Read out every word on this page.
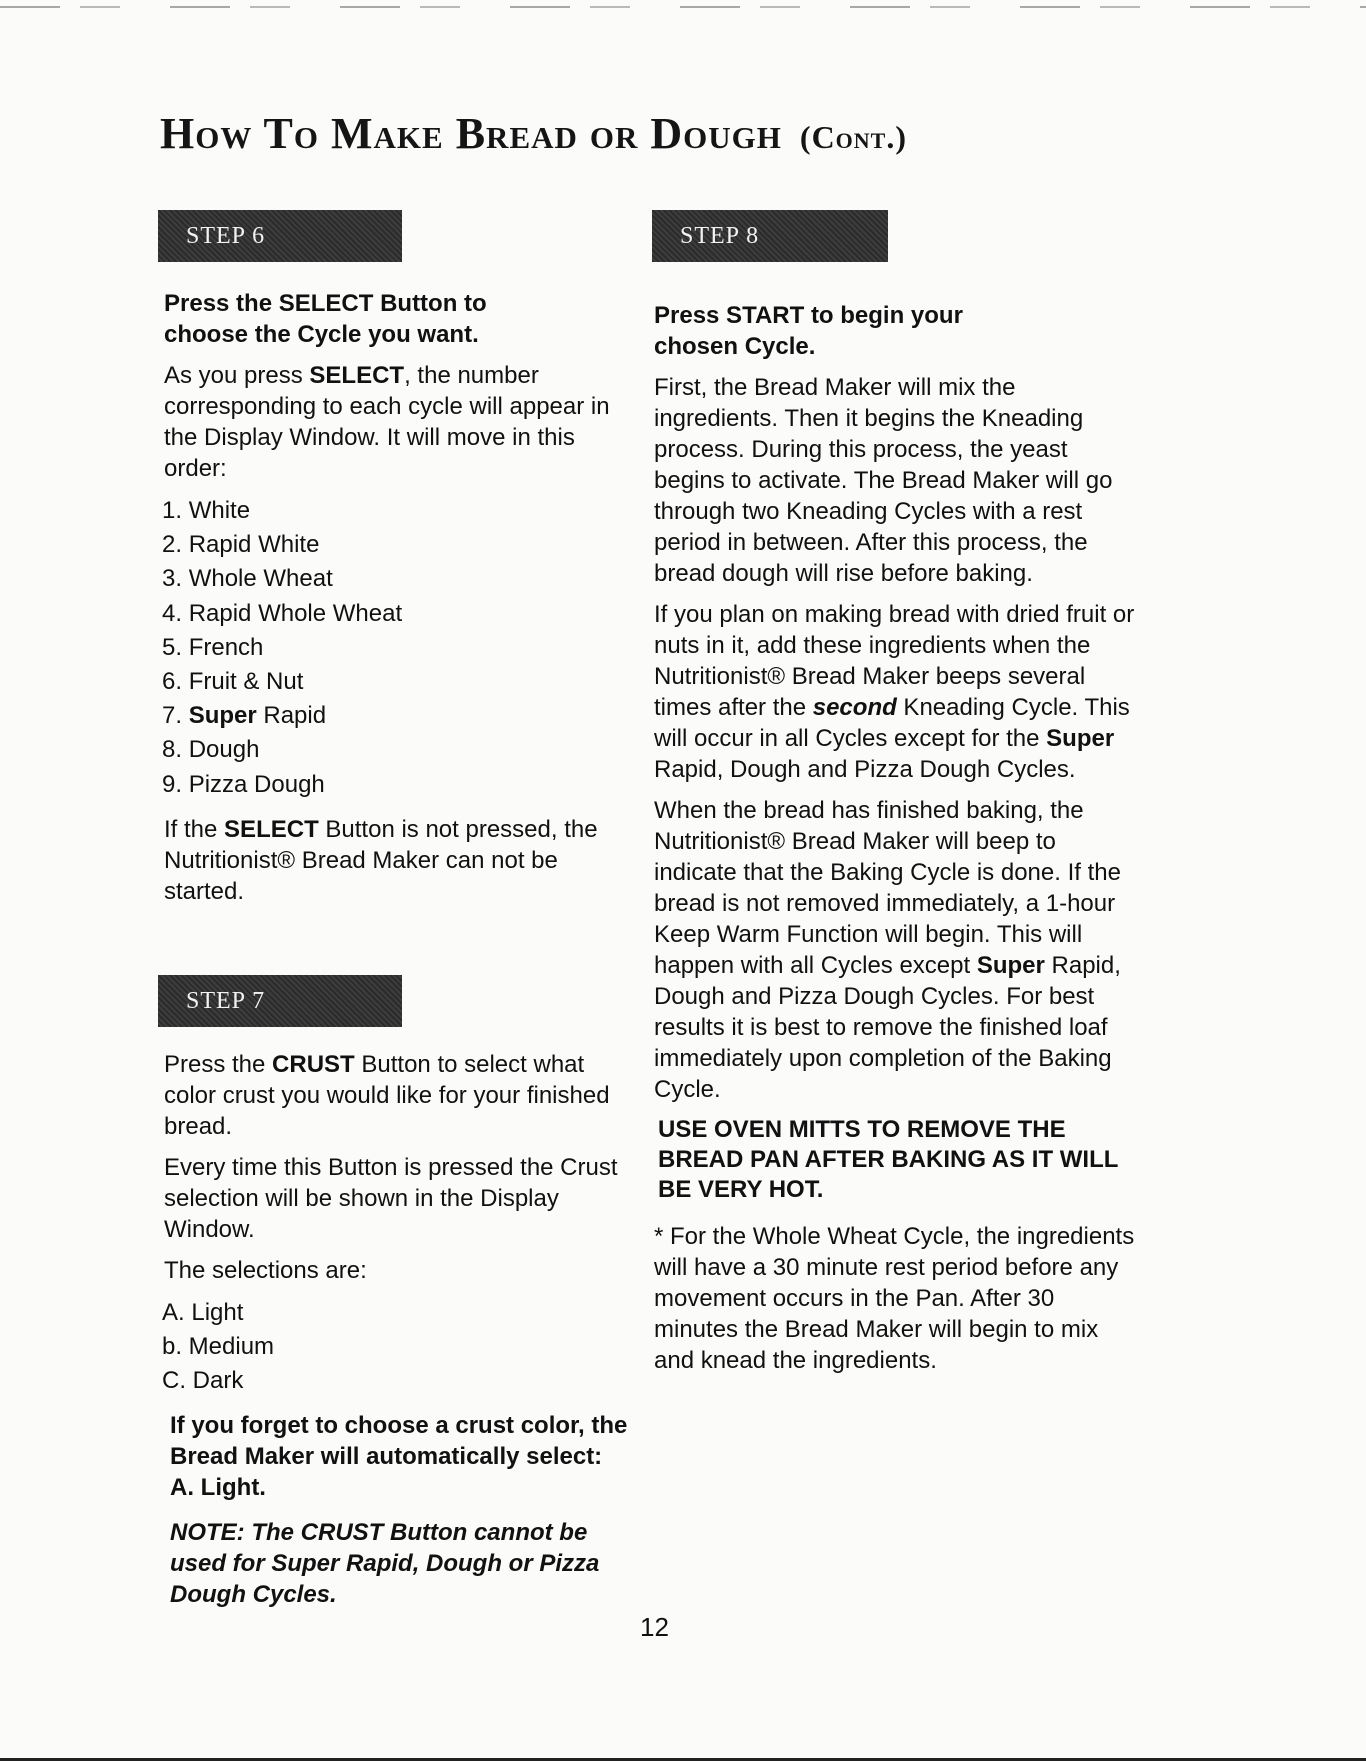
How To Make Bread or Dough (Cont.)
STEP 6
Press the SELECT Button to
choose the Cycle you want.

As you press SELECT, the number corresponding to each cycle will appear in the Display Window. It will move in this order:

1. White
2. Rapid White
3. Whole Wheat
4. Rapid Whole Wheat
5. French
6. Fruit & Nut
7. Super Rapid
8. Dough
9. Pizza Dough

If the SELECT Button is not pressed, the Nutritionist® Bread Maker can not be started.

STEP 7

Press the CRUST Button to select what color crust you would like for your finished bread.

Every time this Button is pressed the Crust selection will be shown in the Display Window.

The selections are:

A. Light
b. Medium
C. Dark
If you forget to choose a crust color, the Bread Maker will automatically select: A. Light.
NOTE: The CRUST Button cannot be used for Super Rapid, Dough or Pizza Dough Cycles.
STEP 8
Press START to begin your
chosen Cycle.

First, the Bread Maker will mix the ingredients. Then it begins the Kneading process. During this process, the yeast begins to activate. The Bread Maker will go through two Kneading Cycles with a rest period in between. After this process, the bread dough will rise before baking.

If you plan on making bread with dried fruit or nuts in it, add these ingredients when the Nutritionist® Bread Maker beeps several times after the second Kneading Cycle. This will occur in all Cycles except for the Super Rapid, Dough and Pizza Dough Cycles.

When the bread has finished baking, the Nutritionist® Bread Maker will beep to indicate that the Baking Cycle is done. If the bread is not removed immediately, a 1-hour Keep Warm Function will begin. This will happen with all Cycles except Super Rapid, Dough and Pizza Dough Cycles. For best results it is best to remove the finished loaf immediately upon completion of the Baking Cycle.

USE OVEN MITTS TO REMOVE THE BREAD PAN AFTER BAKING AS IT WILL BE VERY HOT.

* For the Whole Wheat Cycle, the ingredients will have a 30 minute rest period before any movement occurs in the Pan. After 30 minutes the Bread Maker will begin to mix and knead the ingredients.

12
